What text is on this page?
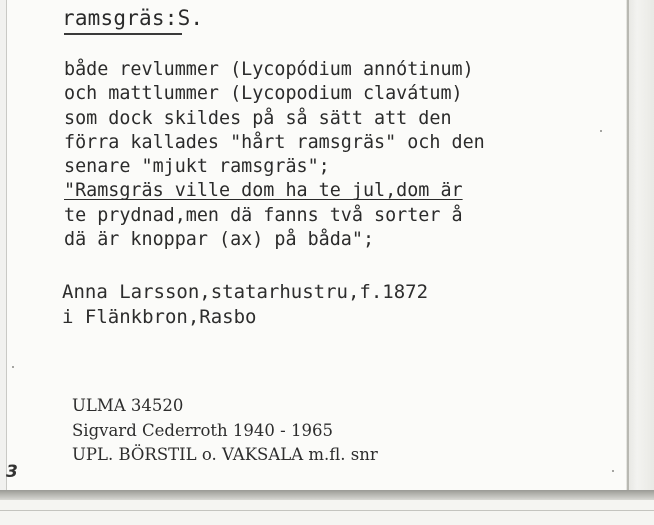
ramsgräs:S.
både revlummer (Lycopódium annótinum)
och mattlummer (Lycopodium clavátum)
som dock skildes på så sätt att den
förra kallades "hårt ramsgräs" och den
senare "mjukt ramsgräs";
"Ramsgräs ville dom ha te jul,dom är
te prydnad,men dä fanns två sorter å
dä är knoppar (ax) på båda";
Anna Larsson,statarhustru,f.1872
i Flänkbron,Rasbo
ULMA 34520
Sigvard Cederroth 1940 - 1965
UPL. BÖRSTIL o. VAKSALA m.fl. snr
3
